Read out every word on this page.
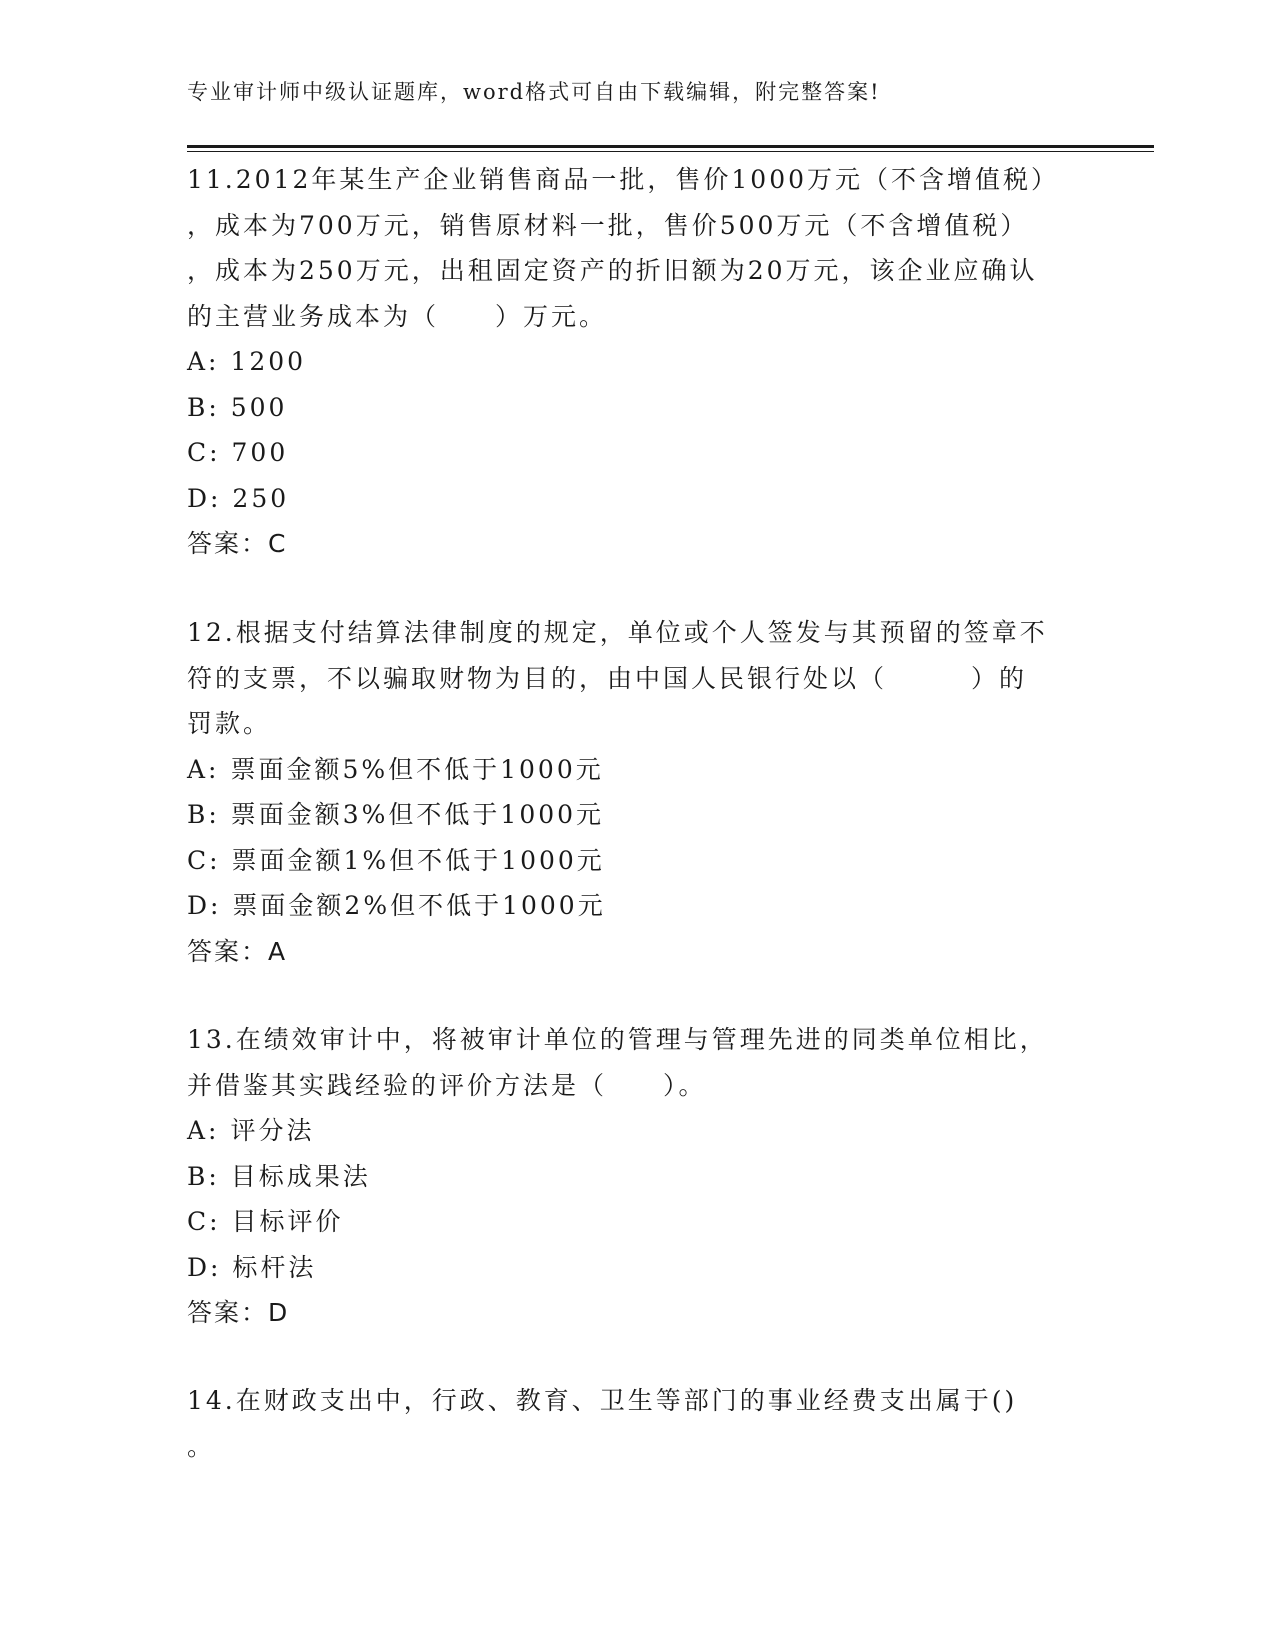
专业审计师中级认证题库，word格式可自由下载编辑，附完整答案!
11.2012年某生产企业销售商品一批，售价1000万元（不含增值税）
，成本为700万元，销售原材料一批，售价500万元（不含增值税）
，成本为250万元，出租固定资产的折旧额为20万元，该企业应确认
的主营业务成本为（　　）万元。
A: 1200
B: 500
C: 700
D: 250
答案：C
12.根据支付结算法律制度的规定，单位或个人签发与其预留的签章不
符的支票，不以骗取财物为目的，由中国人民银行处以（　　　）的
罚款。
A: 票面金额5%但不低于1000元
B: 票面金额3%但不低于1000元
C: 票面金额1%但不低于1000元
D: 票面金额2%但不低于1000元
答案：A
13.在绩效审计中，将被审计单位的管理与管理先进的同类单位相比，
并借鉴其实践经验的评价方法是（　　）。
A: 评分法
B: 目标成果法
C: 目标评价
D: 标杆法
答案：D
14.在财政支出中，行政、教育、卫生等部门的事业经费支出属于()
。
